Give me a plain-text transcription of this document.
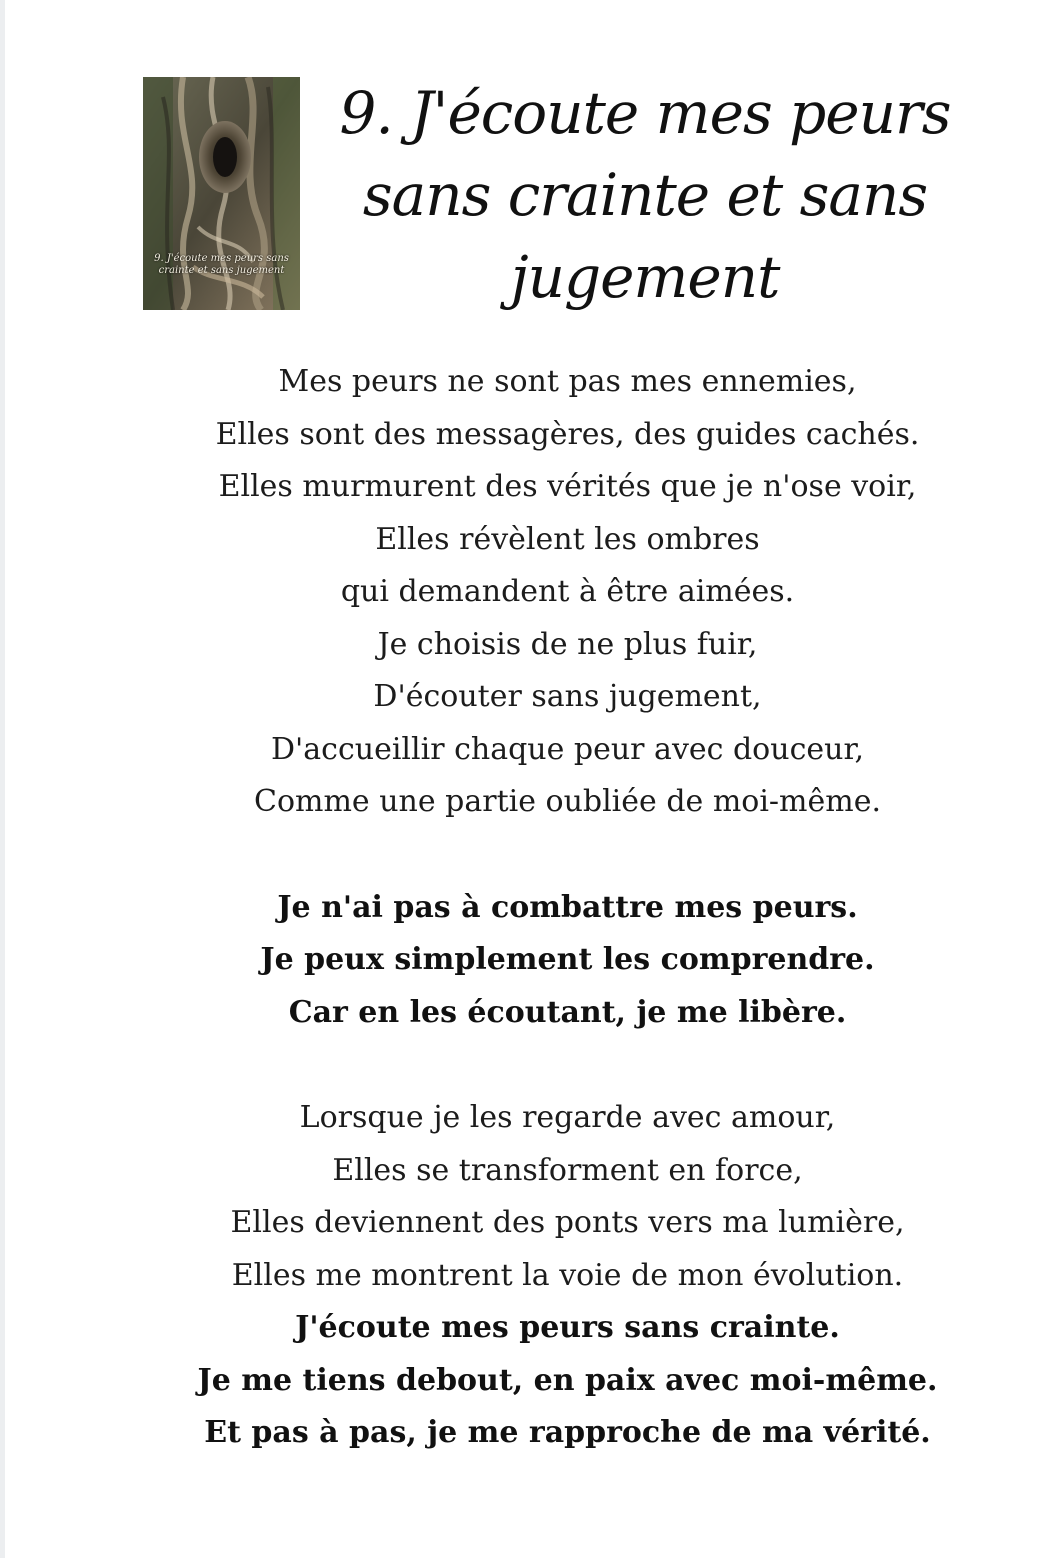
9. J'écoute mes peurs sans crainte et sans jugement
9. J'écoute mes peurs sans crainte et sans jugement
Mes peurs ne sont pas mes ennemies,
Elles sont des messagères, des guides cachés.
Elles murmurent des vérités que je n'ose voir,
Elles révèlent les ombres
qui demandent à être aimées.
Je choisis de ne plus fuir,
D'écouter sans jugement,
D'accueillir chaque peur avec douceur,
Comme une partie oubliée de moi-même.
Je n'ai pas à combattre mes peurs.
Je peux simplement les comprendre.
Car en les écoutant, je me libère.
Lorsque je les regarde avec amour,
Elles se transforment en force,
Elles deviennent des ponts vers ma lumière,
Elles me montrent la voie de mon évolution.
J'écoute mes peurs sans crainte.
Je me tiens debout, en paix avec moi-même.
Et pas à pas, je me rapproche de ma vérité.
